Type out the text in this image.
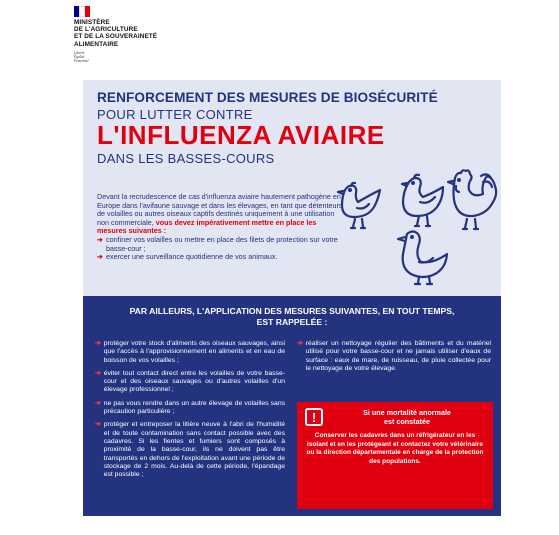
MINISTÈRE
DE L'AGRICULTURE
ET DE LA SOUVERAINETÉ
ALIMENTAIRE
Liberté
Égalité
Fraternité
RENFORCEMENT DES MESURES DE BIOSÉCURITÉ
POUR LUTTER CONTRE
L'INFLUENZA AVIAIRE
DANS LES BASSES-COURS

Devant la recrudescence de cas d'influenza aviaire hautement pathogène en Europe dans l'avifaune sauvage et dans les élevages, en tant que détenteurs de volailles ou autres oiseaux captifs destinés uniquement à une utilisation non commerciale, vous devez impérativement mettre en place les mesures suivantes :

➔ confiner vos volailles ou mettre en place des filets de protection sur votre basse-cour ;
➔ exercer une surveillance quotidienne de vos animaux.
PAR AILLEURS, L'APPLICATION DES MESURES SUIVANTES, EN TOUT TEMPS,
EST RAPPELÉE :
➔ protéger votre stock d'aliments des oiseaux sauvages, ainsi que l'accès à l'approvisionnement en aliments et en eau de boisson de vos volailles ;
➔ éviter tout contact direct entre les volailles de votre basse-cour et des oiseaux sauvages ou d'autres volailles d'un élevage professionnel ;
➔ ne pas vous rendre dans un autre élevage de volailles sans précaution particulière ;
➔ protéger et entreposer la litière neuve à l'abri de l'humidité et de toute contamination sans contact possible avec des cadavres. Si les fientes et fumiers sont composés à proximité de la basse-cour, ils ne doivent pas être transportés en dehors de l'exploitation avant une période de stockage de 2 mois. Au-delà de cette période, l'épandage est possible ;
➔ réaliser un nettoyage régulier des bâtiments et du matériel utilisé pour votre basse-cour et ne jamais utiliser d'eaux de surface : eaux de mare, de ruisseau, de pluie collectée pour le nettoyage de votre élevage.
!	Si une mortalité anormale
est constatée
Conserver les cadavres dans un réfrigérateur en les isolant et en les protégeant et contactez votre vétérinaire ou la direction départementale en charge de la protection des populations.
